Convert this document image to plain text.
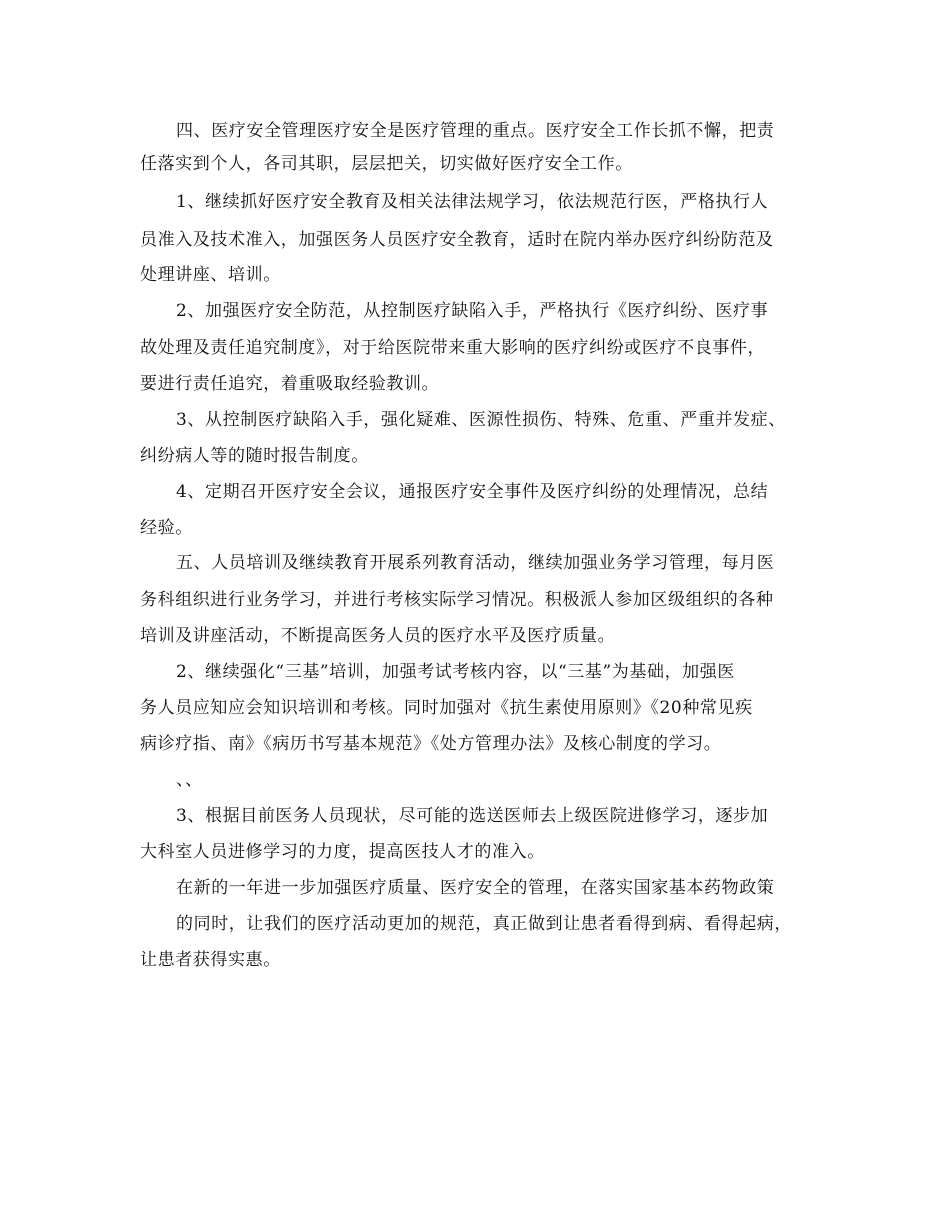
四、医疗安全管理医疗安全是医疗管理的重点。医疗安全工作长抓不懈，把责
任落实到个人，各司其职，层层把关，切实做好医疗安全工作。
1、继续抓好医疗安全教育及相关法律法规学习，依法规范行医，严格执行人
员准入及技术准入，加强医务人员医疗安全教育，适时在院内举办医疗纠纷防范及
处理讲座、培训。
2、加强医疗安全防范，从控制医疗缺陷入手，严格执行《医疗纠纷、医疗事
故处理及责任追究制度》，对于给医院带来重大影响的医疗纠纷或医疗不良事件，
要进行责任追究，着重吸取经验教训。
3、从控制医疗缺陷入手，强化疑难、医源性损伤、特殊、危重、严重并发症、
纠纷病人等的随时报告制度。
4、定期召开医疗安全会议，通报医疗安全事件及医疗纠纷的处理情况，总结
经验。
五、人员培训及继续教育开展系列教育活动，继续加强业务学习管理，每月医
务科组织进行业务学习，并进行考核实际学习情况。积极派人参加区级组织的各种
培训及讲座活动，不断提高医务人员的医疗水平及医疗质量。
2、继续强化“三基”培训，加强考试考核内容，以“三基”为基础，加强医
务人员应知应会知识培训和考核。同时加强对《抗生素使用原则》《20种常见疾
病诊疗指、南》《病历书写基本规范》《处方管理办法》及核心制度的学习。
、、
3、根据目前医务人员现状，尽可能的选送医师去上级医院进修学习，逐步加
大科室人员进修学习的力度，提高医技人才的准入。
在新的一年进一步加强医疗质量、医疗安全的管理，在落实国家基本药物政策
的同时，让我们的医疗活动更加的规范，真正做到让患者看得到病、看得起病，
让患者获得实惠。
